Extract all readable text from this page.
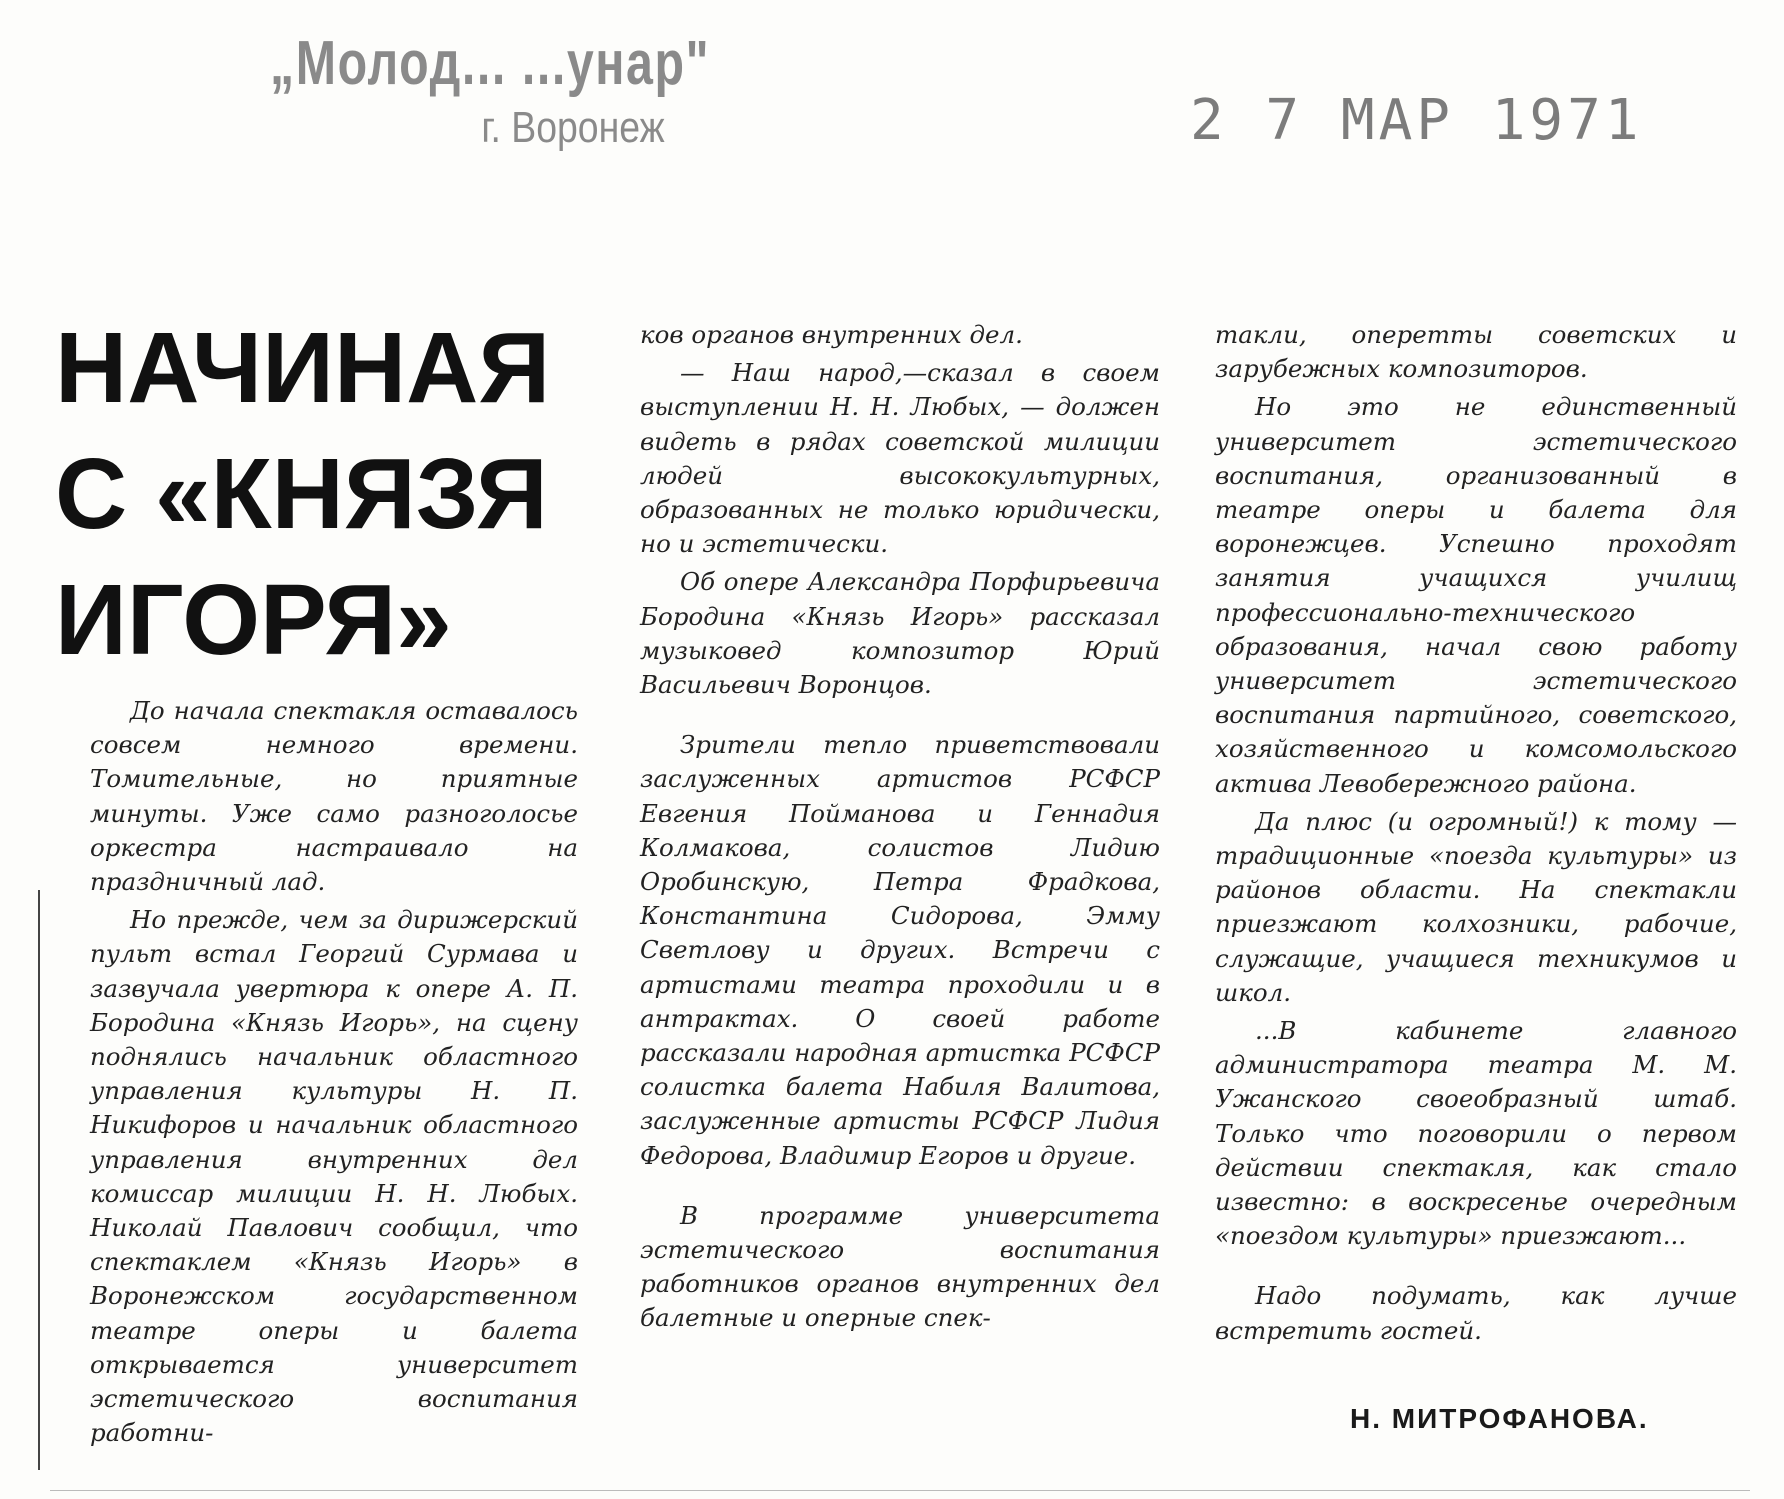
„Молод... ...унар"
г. Воронеж	2 7 МАР 1971
НАЧИНАЯ
С «КНЯЗЯ
ИГОРЯ»

До начала спектакля оставалось совсем немного времени. Томительные, но приятные минуты. Уже само разноголосье оркестра настраивало на праздничный лад.

Но прежде, чем за дирижерский пульт встал Георгий Сурмава и зазвучала увертюра к опере А. П. Бородина «Князь Игорь», на сцену поднялись начальник областного управления культуры Н. П. Никифоров и начальник областного управления внутренних дел комиссар милиции Н. Н. Любых. Николай Павлович сообщил, что спектаклем «Князь Игорь» в Воронежском государственном театре оперы и балета открывается университет эстетического воспитания работни-

ков органов внутренних дел.

— Наш народ,—сказал в своем выступлении Н. Н. Любых, — должен видеть в рядах советской милиции людей высококультурных, образованных не только юридически, но и эстетически.

Об опере Александра Порфирьевича Бородина «Князь Игорь» рассказал музыковед композитор Юрий Васильевич Воронцов.

Зрители тепло приветствовали заслуженных артистов РСФСР Евгения Пойманова и Геннадия Колмакова, солистов Лидию Оробинскую, Петра Фрадкова, Константина Сидорова, Эмму Светлову и других. Встречи с артистами театра проходили и в антрактах. О своей работе рассказали народная артистка РСФСР солистка балета Набиля Валитова, заслуженные артисты РСФСР Лидия Федорова, Владимир Егоров и другие.

В программе университета эстетического воспитания работников органов внутренних дел балетные и оперные спек-

такли, оперетты советских и зарубежных композиторов.

Но это не единственный университет эстетического воспитания, организованный в театре оперы и балета для воронежцев. Успешно проходят занятия учащихся училищ профессионально-технического образования, начал свою работу университет эстетического воспитания партийного, советского, хозяйственного и комсомольского актива Левобережного района.

Да плюс (и огромный!) к тому — традиционные «поезда культуры» из районов области. На спектакли приезжают колхозники, рабочие, служащие, учащиеся техникумов и школ.

...В кабинете главного администратора театра М. М. Ужанского своеобразный штаб. Только что поговорили о первом действии спектакля, как стало известно: в воскресенье очередным «поездом культуры» приезжают...

Надо подумать, как лучше встретить гостей.

Н. МИТРОФАНОВА.
